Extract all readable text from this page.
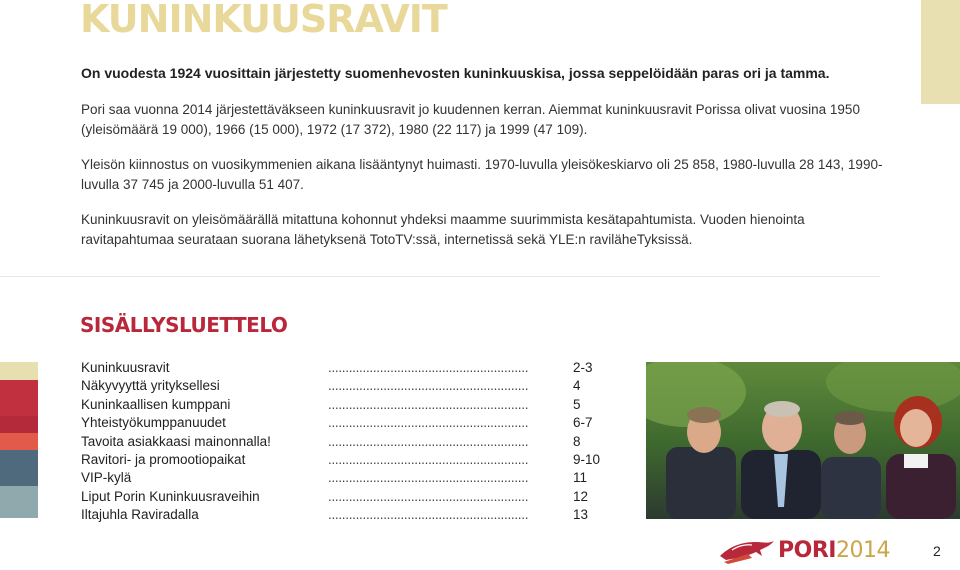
KUNINKUUSRAVIT
On vuodesta 1924 vuosittain järjestetty suomenhevosten kuninkuuskisa, jossa seppelöidään paras ori ja tamma.
Pori saa vuonna 2014 järjestettäväkseen kuninkuusravit jo kuudennen kerran. Aiemmat kuninkuusravit Porissa olivat vuosina 1950 (yleisömäärä 19 000), 1966 (15 000), 1972 (17 372), 1980 (22 117) ja 1999 (47 109).
Yleisön kiinnostus on vuosikymmenien aikana lisääntynyt huimasti. 1970-luvulla yleisökeskiarvo oli 25 858, 1980-luvulla 28 143, 1990-luvulla 37 745 ja 2000-luvulla 51 407.
Kuninkuusravit on yleisömäärällä mitattuna kohonnut yhdeksi maamme suurimmista kesätapahtumista. Vuoden hienointa ravitapahtumaa seurataan suorana lähetyksenä TotoTV:ssä, internetissä sekä YLE:n raviläheTyksissä.
SISÄLLYSLUETTELO
Kuninkuusravit	..........................................................	2-3
Näkyvyyttä yrityksellesi	..........................................................	4
Kuninkaallisen kumppani	..........................................................	5
Yhteistyökumppanuudet	..........................................................	6-7
Tavoita asiakkaasi mainonnalla!	..........................................................	8
Ravitori- ja promootiopaikat	..........................................................	9-10
VIP-kylä	..........................................................	11
Liput Porin Kuninkuusraveihin	..........................................................	12
Iltajuhla Raviradalla	..........................................................	13
PORI2014	2
